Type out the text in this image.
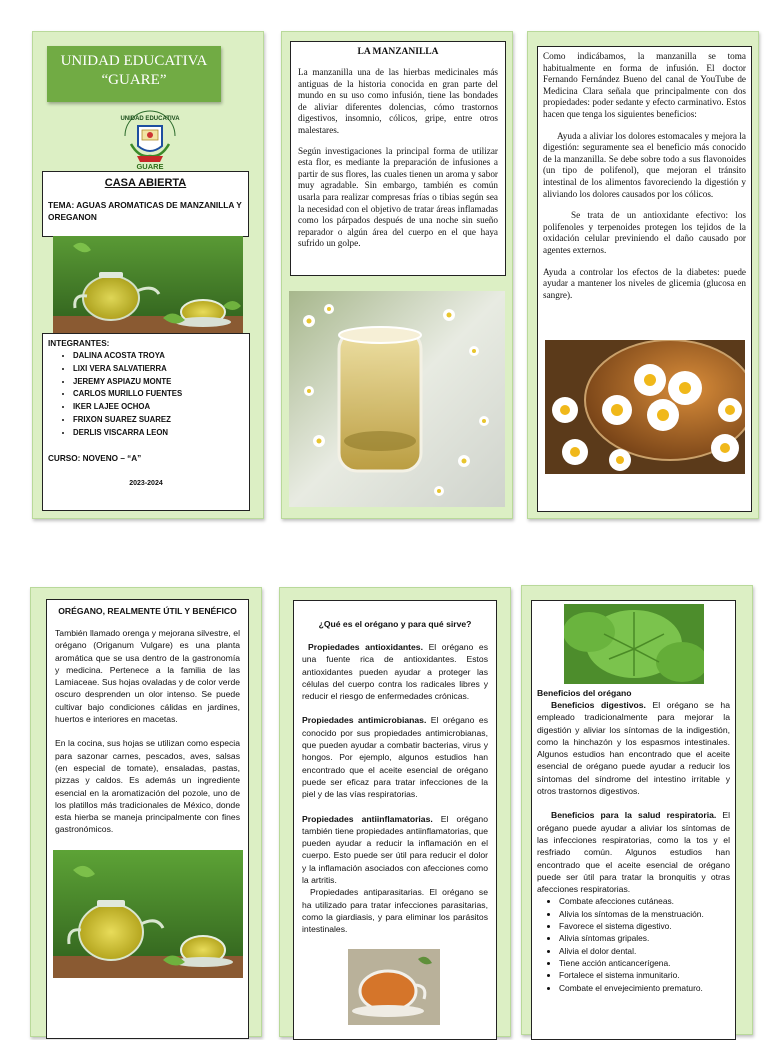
UNIDAD EDUCATIVA
“GUARE”
UNIDAD EDUCATIVA
GUARE
CASA ABIERTA
TEMA: AGUAS AROMATICAS DE MANZANILLA Y OREGANON
INTEGRANTES:
• DALINA ACOSTA TROYA
• LIXI VERA SALVATIERRA
• JEREMY ASPIAZU MONTE
• CARLOS MURILLO FUENTES
• IKER LAJEE OCHOA
• FRIXON SUAREZ SUAREZ
• DERLIS VISCARRA LEON
CURSO: NOVENO – “A”
2023-2024
LA MANZANILLA

La manzanilla una de las hierbas medicinales más antiguas de la historia conocida en gran parte del mundo en su uso como infusión, tiene las bondades de aliviar diferentes dolencias, cómo trastornos digestivos, insomnio, cólicos, gripe, entre otros malestares.

Según investigaciones la principal forma de utilizar esta flor, es mediante la preparación de infusiones a partir de sus flores, las cuales tienen un aroma y sabor muy agradable. Sin embargo, también es común usarla para realizar compresas frías o tibias según sea la necesidad con el objetivo de tratar áreas inflamadas como los párpados después de una noche sin sueño reparador o algún área del cuerpo en el que haya sufrido un golpe.

Como indicábamos, la manzanilla se toma habitualmente en forma de infusión. El doctor Fernando Fernández Bueno del canal de YouTube de Medicina Clara señala que principalmente con dos propiedades: poder sedante y efecto carminativo. Estos hacen que tenga los siguientes beneficios:

Ayuda a aliviar los dolores estomacales y mejora la digestión: seguramente sea el beneficio más conocido de la manzanilla. Se debe sobre todo a sus flavonoides (un tipo de polifenol), que mejoran el tránsito intestinal de los alimentos favoreciendo la digestión y aliviando los dolores causados por los cólicos.

Se trata de un antioxidante efectivo: los polifenoles y terpenoides protegen los tejidos de la oxidación celular previniendo el daño causado por agentes externos.

Ayuda a controlar los efectos de la diabetes: puede ayudar a mantener los niveles de glicemia (glucosa en sangre).

ORÉGANO, REALMENTE ÚTIL Y BENÉFICO

También llamado orenga y mejorana silvestre, el orégano (Origanum Vulgare) es una planta aromática que se usa dentro de la gastronomía y medicina. Pertenece a la familia de las Lamiaceae. Sus hojas ovaladas y de color verde oscuro desprenden un olor intenso. Se puede cultivar bajo condiciones cálidas en jardines, huertos e interiores en macetas.

En la cocina, sus hojas se utilizan como especia para sazonar carnes, pescados, aves, salsas (en especial de tomate), ensaladas, pastas, pizzas y caldos. Es además un ingrediente esencial en la aromatización del pozole, uno de los platillos más tradicionales de México, donde esta hierba se maneja principalmente con fines gastronómicos.

¿Qué es el orégano y para qué sirve?

Propiedades antioxidantes. El orégano es una fuente rica de antioxidantes. Estos antioxidantes pueden ayudar a proteger las células del cuerpo contra los radicales libres y reducir el riesgo de enfermedades crónicas.

Propiedades antimicrobianas. El orégano es conocido por sus propiedades antimicrobianas, que pueden ayudar a combatir bacterias, virus y hongos. Por ejemplo, algunos estudios han encontrado que el aceite esencial de orégano puede ser eficaz para tratar infecciones de la piel y de las vías respiratorias.

Propiedades antiinflamatorias. El orégano también tiene propiedades antiinflamatorias, que pueden ayudar a reducir la inflamación en el cuerpo. Esto puede ser útil para reducir el dolor y la inflamación asociados con afecciones como la artritis.

Propiedades antiparasitarias. El orégano se ha utilizado para tratar infecciones parasitarias, como la giardiasis, y para eliminar los parásitos intestinales.

Beneficios del orégano

Beneficios digestivos. El orégano se ha empleado tradicionalmente para mejorar la digestión y aliviar los síntomas de la indigestión, como la hinchazón y los espasmos intestinales. Algunos estudios han encontrado que el aceite esencial de orégano puede ayudar a reducir los síntomas del síndrome del intestino irritable y otros trastornos digestivos.

Beneficios para la salud respiratoria. El orégano puede ayudar a aliviar los síntomas de las infecciones respiratorias, como la tos y el resfriado común. Algunos estudios han encontrado que el aceite esencial de orégano puede ser útil para tratar la bronquitis y otras afecciones respiratorias.

• Combate afecciones cutáneas.
• Alivia los síntomas de la menstruación.
• Favorece el sistema digestivo.
• Alivia síntomas gripales.
• Alivia el dolor dental.
• Tiene acción anticancerígena.
• Fortalece el sistema inmunitario.
• Combate el envejecimiento prematuro.
